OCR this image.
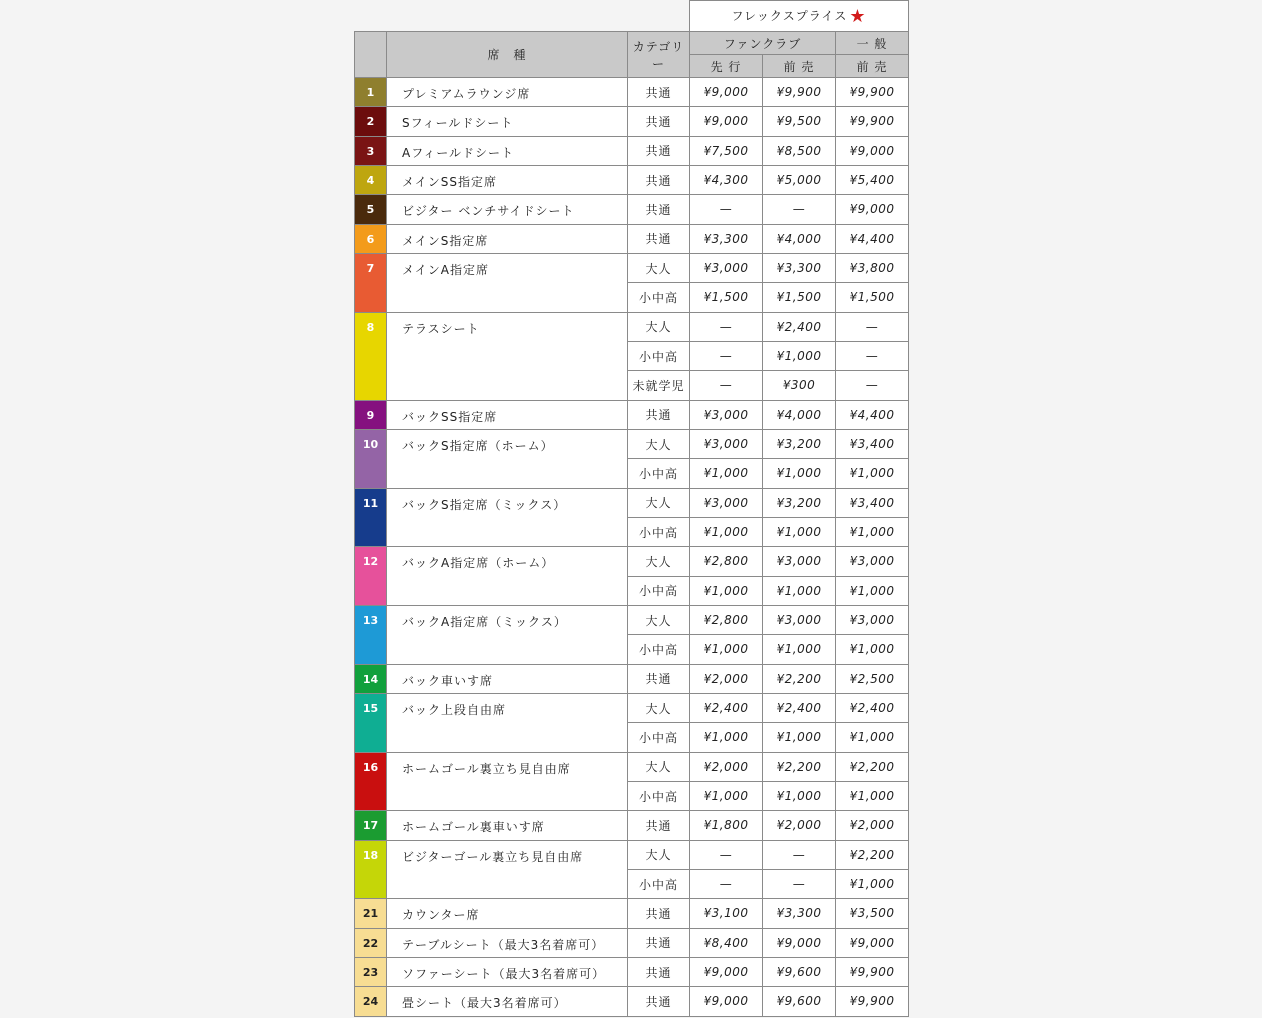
			フレックスプライス ★		
	席　種	カテゴリー	ファンクラブ		一 般
			先 行	前 売	前 売
1	プレミアムラウンジ席	共通	¥9,000	¥9,900	¥9,900
2	Sフィールドシート	共通	¥9,000	¥9,500	¥9,900
3	Aフィールドシート	共通	¥7,500	¥8,500	¥9,000
4	メインSS指定席	共通	¥4,300	¥5,000	¥5,400
5	ビジター ベンチサイドシート	共通	—	—	¥9,000
6	メインS指定席	共通	¥3,300	¥4,000	¥4,400
7	メインA指定席	大人	¥3,000	¥3,300	¥3,800
		小中高	¥1,500	¥1,500	¥1,500
8	テラスシート	大人	—	¥2,400	—
		小中高	—	¥1,000	—
		未就学児	—	¥300	—
9	バックSS指定席	共通	¥3,000	¥4,000	¥4,400
10	バックS指定席（ホーム）	大人	¥3,000	¥3,200	¥3,400
		小中高	¥1,000	¥1,000	¥1,000
11	バックS指定席（ミックス）	大人	¥3,000	¥3,200	¥3,400
		小中高	¥1,000	¥1,000	¥1,000
12	バックA指定席（ホーム）	大人	¥2,800	¥3,000	¥3,000
		小中高	¥1,000	¥1,000	¥1,000
13	バックA指定席（ミックス）	大人	¥2,800	¥3,000	¥3,000
		小中高	¥1,000	¥1,000	¥1,000
14	バック車いす席	共通	¥2,000	¥2,200	¥2,500
15	バック上段自由席	大人	¥2,400	¥2,400	¥2,400
		小中高	¥1,000	¥1,000	¥1,000
16	ホームゴール裏立ち見自由席	大人	¥2,000	¥2,200	¥2,200
		小中高	¥1,000	¥1,000	¥1,000
17	ホームゴール裏車いす席	共通	¥1,800	¥2,000	¥2,000
18	ビジターゴール裏立ち見自由席	大人	—	—	¥2,200
		小中高	—	—	¥1,000
21	カウンター席	共通	¥3,100	¥3,300	¥3,500
22	テーブルシート（最大3名着席可）	共通	¥8,400	¥9,000	¥9,000
23	ソファーシート（最大3名着席可）	共通	¥9,000	¥9,600	¥9,900
24	畳シート（最大3名着席可）	共通	¥9,000	¥9,600	¥9,900
